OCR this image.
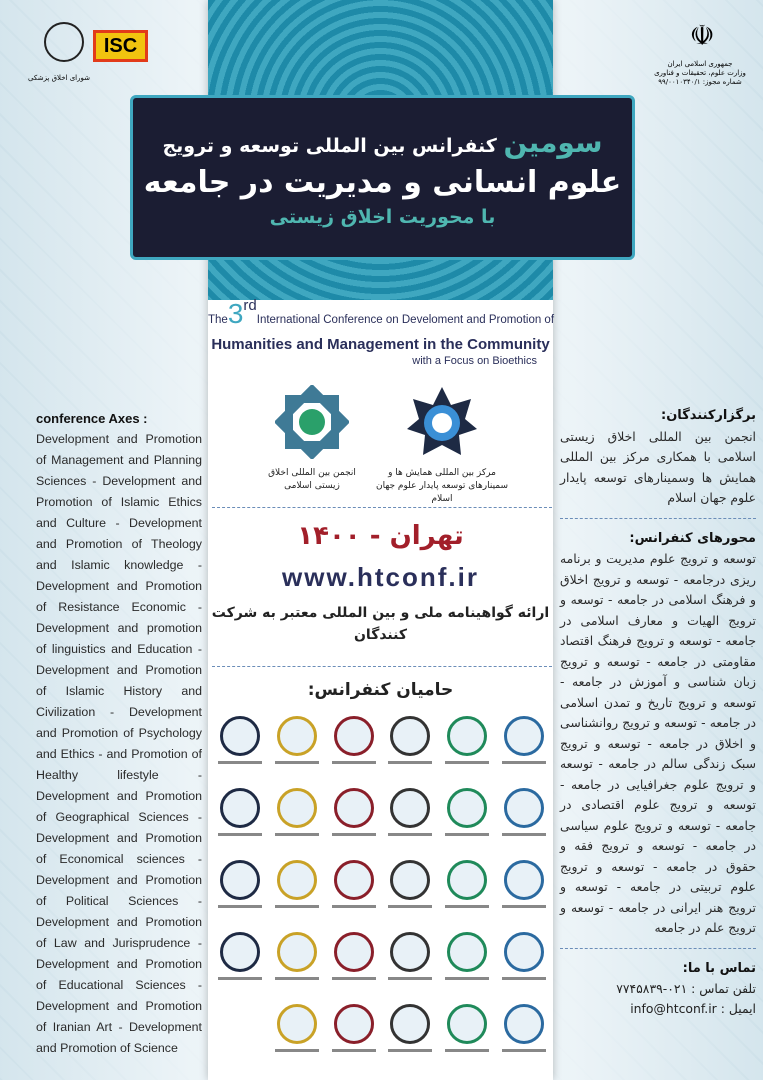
شورای اخلاق پزشکی
ISC	☫
جمهوری اسلامی ایران
وزارت علوم، تحقیقات و فناوری
شماره مجوز: ۹۹/۰۰۱۰۳۴۰/۱
سومین کنفرانس بین المللی توسعه و ترویج
علوم انسانی و مدیریت در جامعه
با محوریت اخلاق زیستی
The3rdInternational Conference on Develoment and Promotion of
Humanities and Management in the Community
with a Focus on Bioethics
مرکز بین المللی همایش ها و سمینارهای توسعه پایدار علوم جهان اسلام
انجمن بین المللی اخلاق زیستی اسلامی
تهران - ۱۴۰۰
www.htconf.ir
ارائه گواهینامه ملی و بین المللی معتبر به شرکت کنندگان
حامیان کنفرانس:
conference Axes :

Development and Promotion of Management and Planning Sciences - Development and Promotion of Islamic Ethics and Culture - Development and Promotion of Theology and Islamic knowledge - Development and Promotion of Resistance Economic - Development and promotion of linguistics and Education - Development and Promotion of Islamic History and Civilization - Development and Promotion of Psychology and Ethics - and Promotion of Healthy lifestyle - Development and Promotion of Geographical Sciences - Development and Promotion of Economical sciences - Development and Promotion of Political Sciences - Development and Promotion of Law and Jurisprudence - Development and Promotion of Educational Sciences - Development and Promotion of Iranian Art - Development and Promotion of Science

برگزارکنندگان:

انجمن بین المللی اخلاق زیستی اسلامی با همکاری مرکز بین المللی همایش ها وسمینارهای توسعه پایدار علوم جهان اسلام

محورهای کنفرانس:

توسعه و ترویج علوم مدیریت و برنامه ریزی درجامعه - توسعه و ترویج اخلاق و فرهنگ اسلامی در جامعه - توسعه و ترویج الهیات و معارف اسلامی در جامعه - توسعه و ترویج فرهنگ اقتصاد مقاومتی در جامعه - توسعه و ترویج زبان شناسی و آموزش در جامعه - توسعه و ترویج تاریخ و تمدن اسلامی در جامعه - توسعه و ترویج روانشناسی و اخلاق در جامعه - توسعه و ترویج سبک زندگی سالم در جامعه - توسعه و ترویج علوم جغرافیایی در جامعه - توسعه و ترویج علوم اقتصادی در جامعه - توسعه و ترویج علوم سیاسی در جامعه - توسعه و ترویج فقه و حقوق در جامعه - توسعه و ترویج علوم تربیتی در جامعه - توسعه و ترویج هنر ایرانی در جامعه - توسعه و ترویج علم در جامعه

تماس با ما:
تلفن تماس : ۰۲۱-۷۷۴۵۸۳۹
ایمیل : info@htconf.ir
